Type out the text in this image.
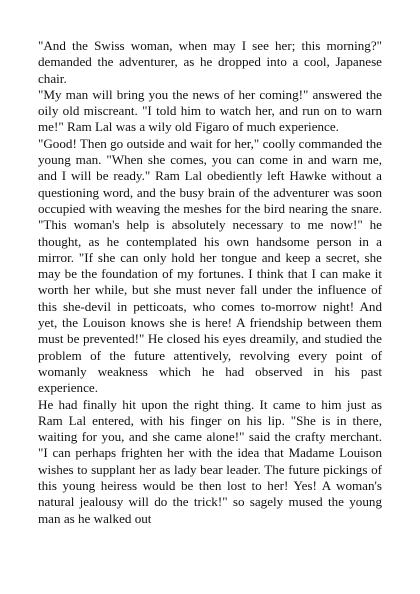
"And the Swiss woman, when may I see her; this morning?" demanded the adventurer, as he dropped into a cool, Japanese chair.

"My man will bring you the news of her coming!" answered the oily old miscreant. "I told him to watch her, and run on to warn me!" Ram Lal was a wily old Figaro of much experience.

"Good! Then go outside and wait for her," coolly commanded the young man. "When she comes, you can come in and warn me, and I will be ready." Ram Lal obediently left Hawke without a questioning word, and the busy brain of the adventurer was soon occupied with weaving the meshes for the bird nearing the snare. "This woman's help is absolutely necessary to me now!" he thought, as he contemplated his own handsome person in a mirror. "If she can only hold her tongue and keep a secret, she may be the foundation of my fortunes. I think that I can make it worth her while, but she must never fall under the influence of this she-devil in petticoats, who comes to-morrow night! And yet, the Louison knows she is here! A friendship between them must be prevented!" He closed his eyes dreamily, and studied the problem of the future attentively, revolving every point of womanly weakness which he had observed in his past experience.

He had finally hit upon the right thing. It came to him just as Ram Lal entered, with his finger on his lip. "She is in there, waiting for you, and she came alone!" said the crafty merchant. "I can perhaps frighten her with the idea that Madame Louison wishes to supplant her as lady bear leader. The future pickings of this young heiress would be then lost to her! Yes! A woman's natural jealousy will do the trick!" so sagely mused the young man as he walked out
